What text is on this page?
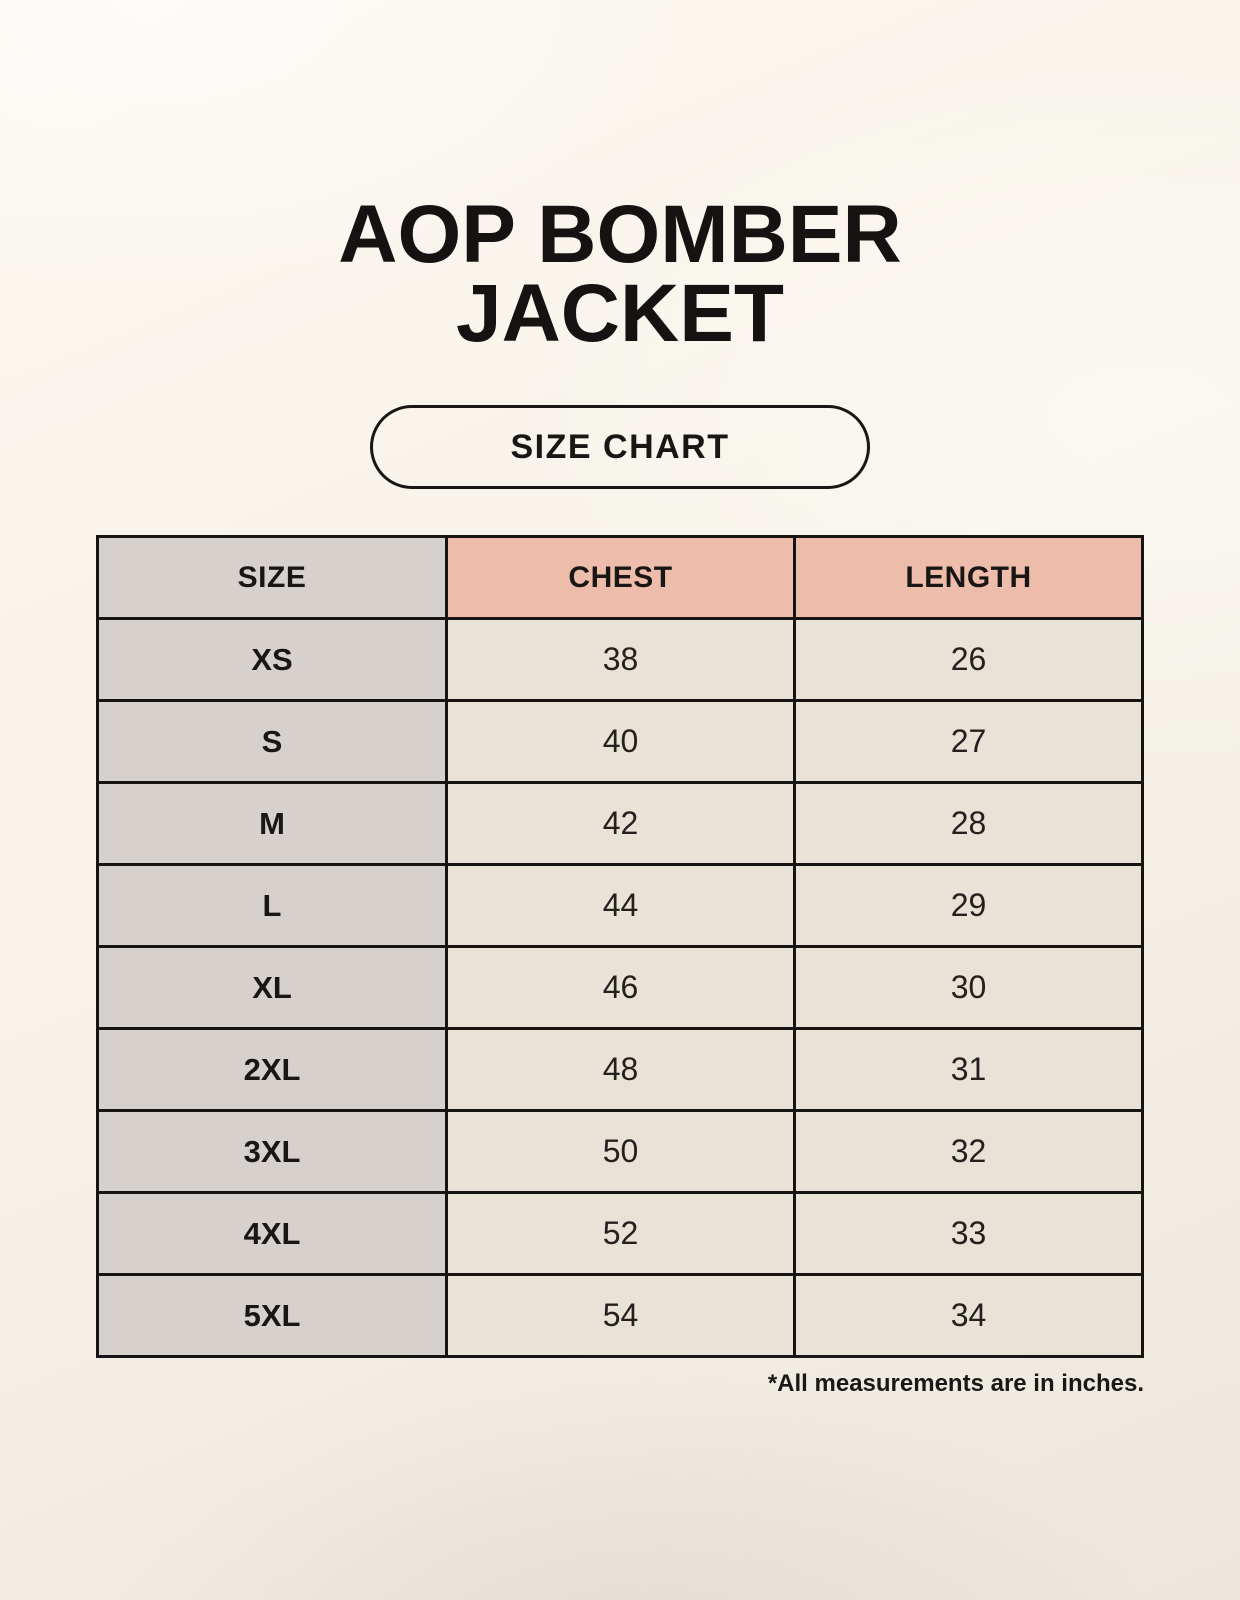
AOP BOMBER
JACKET
SIZE CHART
SIZE	CHEST	LENGTH
XS	38	26
S	40	27
M	42	28
L	44	29
XL	46	30
2XL	48	31
3XL	50	32
4XL	52	33
5XL	54	34
*All measurements are in inches.
